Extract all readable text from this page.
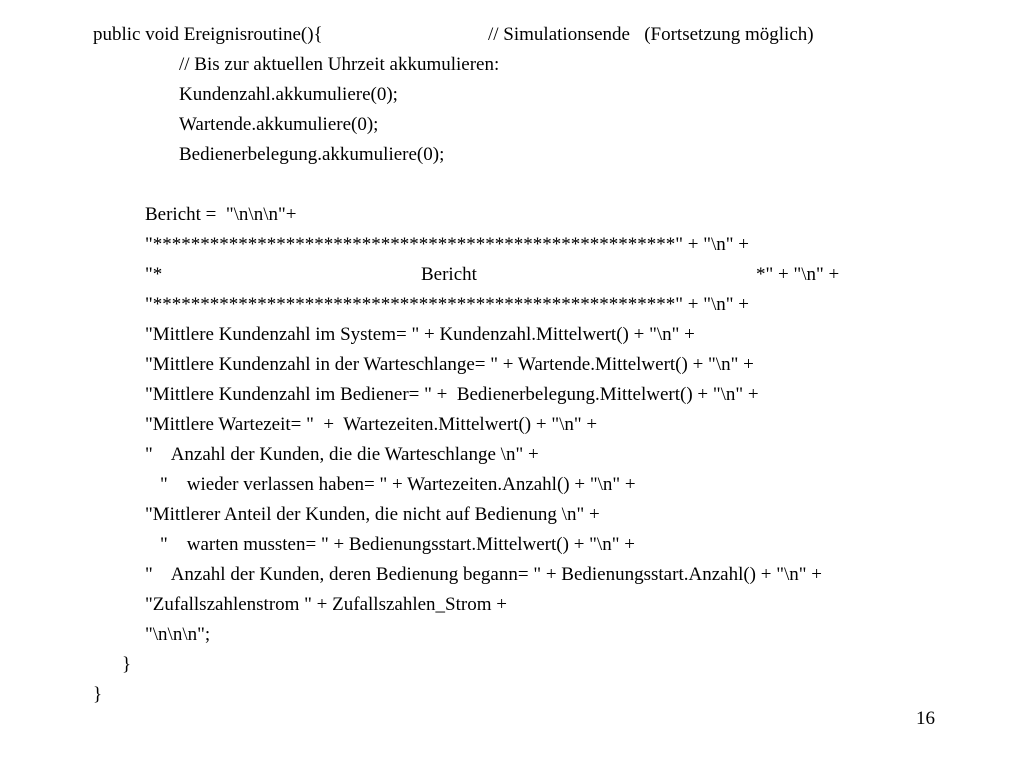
public void Ereignisroutine(){	// Simulationsende   (Fortsetzung möglich)
// Bis zur aktuellen Uhrzeit akkumulieren:
Kundenzahl.akkumuliere(0);
Wartende.akkumuliere(0);
Bedienerbelegung.akkumuliere(0);
Bericht =  "\n\n\n"+
"*******************************************************" + "\n" +
"*	Bericht	*" + "\n" +
"*******************************************************" + "\n" +
"Mittlere Kundenzahl im System= " + Kundenzahl.Mittelwert() + "\n" +
"Mittlere Kundenzahl in der Warteschlange= " + Wartende.Mittelwert() + "\n" +
"Mittlere Kundenzahl im Bediener= " +  Bedienerbelegung.Mittelwert() + "\n" +
"Mittlere Wartezeit= "  +  Wartezeiten.Mittelwert() + "\n" +
"    Anzahl der Kunden, die die Warteschlange \n" +
"    wieder verlassen haben= " + Wartezeiten.Anzahl() + "\n" +
"Mittlerer Anteil der Kunden, die nicht auf Bedienung \n" +
"    warten mussten= " + Bedienungsstart.Mittelwert() + "\n" +
"    Anzahl der Kunden, deren Bedienung begann= " + Bedienungsstart.Anzahl() + "\n" +
"Zufallszahlenstrom " + Zufallszahlen_Strom +
"\n\n\n";
}
}
16
